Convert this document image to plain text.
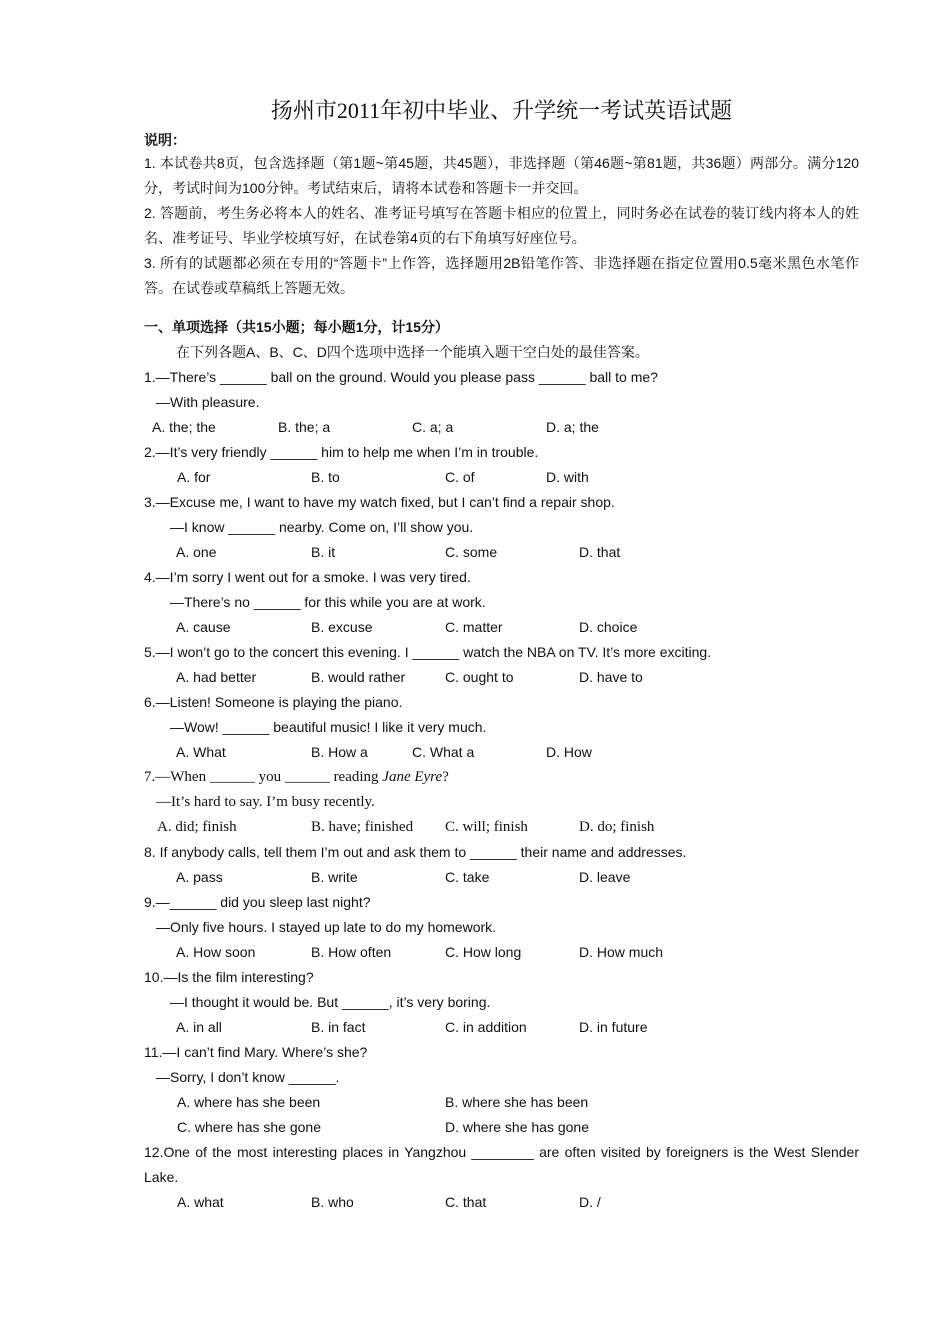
扬州市2011年初中毕业、升学统一考试英语试题
说明：

1. 本试卷共8页，包含选择题（第1题~第45题，共45题），非选择题（第46题~第81题，共36题）两部分。满分120分，考试时间为100分钟。考试结束后，请将本试卷和答题卡一并交回。

2. 答题前，考生务必将本人的姓名、准考证号填写在答题卡相应的位置上，同时务必在试卷的装订线内将本人的姓名、准考证号、毕业学校填写好，在试卷第4页的右下角填写好座位号。

3. 所有的试题都必须在专用的“答题卡”上作答，选择题用2B铅笔作答、非选择题在指定位置用0.5毫米黑色水笔作答。在试卷或草稿纸上答题无效。

一、单项选择（共15小题；每小题1分，计15分）
在下列各题A、B、C、D四个选项中选择一个能填入题干空白处的最佳答案。
1.—There’s ______ ball on the ground. Would you please pass ______ ball to me?
—With pleasure.
A. the; the	B. the; a	C. a; a	D. a; the
2.—It’s very friendly ______ him to help me when I’m in trouble.
A. for	B. to	C. of	D. with
3.—Excuse me, I want to have my watch fixed, but I can’t find a repair shop.
—I know ______ nearby. Come on, I’ll show you.
A. one	B. it	C. some	D. that
4.—I’m sorry I went out for a smoke. I was very tired.
—There’s no ______ for this while you are at work.
A. cause	B. excuse	C. matter	D. choice
5.—I won’t go to the concert this evening. I ______ watch the NBA on TV. It’s more exciting.
A. had better	B. would rather	C. ought to	D. have to
6.—Listen! Someone is playing the piano.
—Wow! ______ beautiful music! I like it very much.
A. What	B. How a	C. What a	D. How
7.—When ______ you ______ reading Jane Eyre?
—It’s hard to say. I’m busy recently.
A. did; finish	B. have; finished C. will; finish	D. do; finish
8. If anybody calls, tell them I’m out and ask them to ______ their name and addresses.
A. pass	B. write	C. take	D. leave
9.—______ did you sleep last night?
—Only five hours. I stayed up late to do my homework.
A. How soon	B. How often	C. How long	D. How much
10.—Is the film interesting?
—I thought it would be. But ______, it’s very boring.
A. in all	B. in fact	C. in addition	D. in future
11.—I can’t find Mary. Where’s she?
—Sorry, I don’t know ______.
A. where has she been	B. where she has been
C. where has she gone	D. where she has gone
12.One of the most interesting places in Yangzhou ________ are often visited by foreigners is the West Slender Lake.
A. what	B. who	C. that	D. /
